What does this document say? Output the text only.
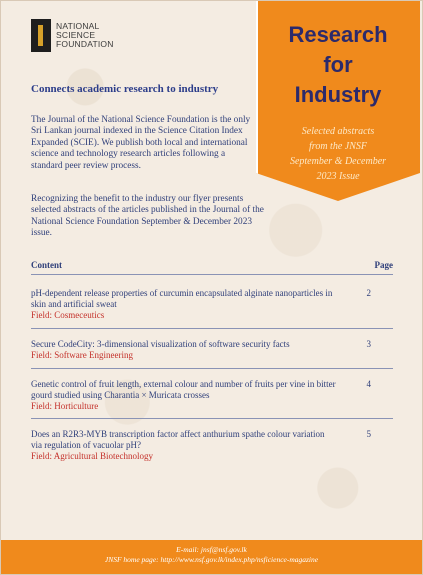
NATIONAL
SCIENCE
FOUNDATION	Research
for
Industry
Selected abstracts
from the JNSF
September & December
2023 Issue
Connects academic research to industry
The Journal of the National Science Foundation is the only Sri Lankan journal indexed in the Science Citation Index Expanded (SCIE). We publish both local and international science and technology research articles following a standard peer review process.
Recognizing the benefit to the industry our flyer presents selected abstracts of the articles published in the Journal of the National Science Foundation September & December 2023 issue.
Content	Page
pH-dependent release properties of curcumin encapsulated alginate nanoparticles in skin and artificial sweat
Field: Cosmeceutics
2
Secure CodeCity: 3-dimensional visualization of software security facts
Field: Software Engineering
3
Genetic control of fruit length, external colour and number of fruits per vine in bitter gourd studied using Charantia × Muricata crosses
Field: Horticulture
4
Does an R2R3-MYB transcription factor affect anthurium spathe colour variation via regulation of vacuolar pH?
Field: Agricultural Biotechnology
5
E-mail: jnsf@nsf.gov.lk
JNSF home page: http://www.nsf.gov.lk/index.php/nsficience-magazine
